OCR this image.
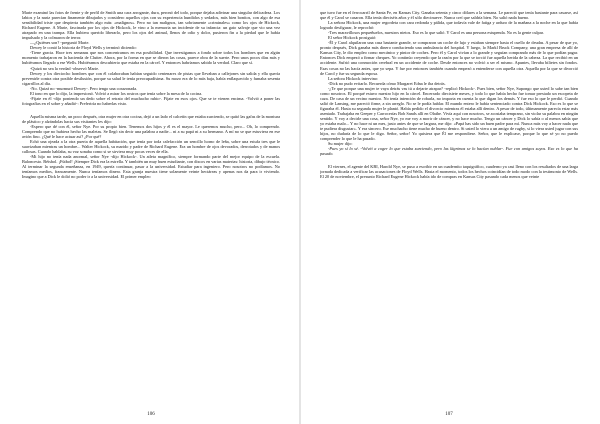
Marie examinó las fotos de frente y de perfil de Smith una cara arrogante, dura, peronó del todo, porque dejaba adivinar una singular delicadeza. Los labios y la nariz parecían finamente dibujados y considero aquellos ojos con su experiencia hundidos y sedados, más bien bonitos, con algo de esa sensibilidad triste que despierta también algo más: «malignos». Pero no tan malignos, tan sobriamente «criminales» como los ojos de Hickock, Richard Eugene. A Marie, fascinada por los ojos de Hickock, le vino a la memoria un incidente de su infancia: un gato salvaje que vio una vez atrapado en una trampa. Ella hubiera querido liberarlo, pero los ojos del animal, llenos de odio y dolor, pusieron fin a la piedad que le había impulsado y la colmaron de terror.

—¿Quiénes son? -preguntó Marie.

Dewey le contó la historia de Floyd Wells y terminó diciendo:

-Tiene gracia. Hace tres semanas que nos concentramos en esa posibilidad. Que investigamos a fondo sobre todos los hombres que en algún momento trabajaron en la hacienda de Clutter. Ahora, por la forma en que se dieron las cosas, parece obra de la suerte. Pero unos pocos días más y hubiéramos llegado a ese Wells. Hubiéramos descubierto que estaba en la cárcel. Y entonces habríamos sabido la verdad. Claro que sí.

-Quizá no sea la verdad -observó Marie.

Dewey y los dieciocho hombres que con él colaboraban habían seguido centenares de pistas que llevaban a callejones sin salida y ella quería prevenirle contra otra posible desilusión, porque su salud le tenía preocupadísima. Su mozo era de lo más baja, había enflaquecido y fumaba sesenta cigarrillos al día.

-No. Quizá no -murmuró Dewey-. Pero tengo una corazonada.

El tono en que lo dijo, la impresionó. Volvió a mirar los rostros que tenía sobre la mesa de la cocina.

-Fíjate en él -dijo poniendo un dedo sobre el retrato del muchacho rubio-. Fíjate en esos ojos. Que se te vienen encima. -Volvió a poner las fotografías en el sobre y añadió-: Preferiría no haberlas visto.

Aquella misma tarde, un poco después, otra mujer en otra cocina, dejó a un lado el calcetín que estaba zurciendo, se quitó las gafas de la montura de plástico y alzándolas hacia sus visitantes les dijo:

-Espero que dé con él, señor Nye. Por su propio bien. Tenemos dos hijos y él es el mayor. Le queremos mucho, pero... Oh, lo comprendo. Comprendo que no hubiera hecho las maletas. Se llegó sin decir una palabra a nadie... ni a su papá ni a su hermano. A mí no se que estuviera en ese avión fino. ¿Qué le hace actuar así? ¿Por qué?

Echó una ojeada a la otra puerta de aquella habitación, que tenía por toda calefacción un sencillo horno de leña, sobre una estufa tres que le suavizaban mientras un hombre... Walter Hickock, su marido y padre de Richard Eugene. Era un hombre de ojos devorados, derrotados y de manos callosas. Cuando hablaba, su voz sonaba como si se sirviera muy pocas veces de ella.

-Mi hijo no tenía nada anormal, señor Nye -dijo Hickock-. Un atleta magnífico, siempre formando parte del mejor equipo de la escuela. Baloncesto. Béisbol. ¡Fútbol! ¡Siempre Dick era la estrella. Y también un muy buen estudiante, con discos en varias materias: historia, dibujo técnico. Al terminar la segunda enseñanza, en 1949, quería continuar, pasar a la universidad. Estudiar para ingeniero. Pero nosotros no podíamos. No teníamos medios, francamente. Nunca teníamos dinero. Esta granja nuestra tiene solamente veinte hectáreas y apenas nos da para ir viviendo. Imagino que a Dick le dolió no poder ir a la universidad. El primer empleo

que tuvo fue en el ferrocarril de Santa Fe, en Kansas City. Ganaba setenta y cinco dólares a la semana. Le pareció que tenía bastante para casarse, así que él y Carol se casaron. Ella tenía dieciséis años y él sólo diecinueve. Nunca creí que saldría bien. No salió nada bueno.

La señora Hickock, una mujer regordeta con cara redonda y pálida, que todavía vale de fatiga y arduro de la mañana a la noche en la que había logrado desfigurar, le reprochó:

-Tres maravillosos pequeñuelos, nuestros nietos. Eso es lo que salió. Y Carol es una persona estupenda. No es la gente culpar.

El señor Hickock prosiguió:

-Él y Carol alquilaron una casa bastante grande, se compraron un coche de lujo y estaban siempre hasta el cuello de deudas. A pesar de que yo, pronto después, Dick ganaba más dinero conduciendo una ambulancia del hospital. Y luego, lo Markl Bruck Company, una gran empresa de allí de Kansas City, le dio empleo como mecánico y pintor de coches. Pero él y Carol vivían a lo grande y seguían comprando más de lo que podían pagar. Entonces Dick empezó a firmar cheques. Yo continúo creyendo que la razón por la que se torció fue aquella herida de la cabeza. La que recibió en un accidente. Sufrió una conmoción cerebral en un accidente de coche. Desde entonces no volvió a ser el mismo. Apuntes, llevaba bilietes sin fondos. Esas cosas no las hacía antes, que yo sepa. Y fue por entonces también cuando empezó a entenderse con aquella otra. Aquella por la que se divorció de Carol y fue su segunda esposa.

La señora Hickock intervino:

-Dick no pudo evitarlo. Recuerda cómo Margaret Edna le iba detrás.

-¿Te que porque una mujer te vaya detrás vas tú a dejarte atrapar? -replicó Hickock-. Pues bien, señor Nye, Supongo que usted lo sabe tan bien como nosotros. El porqué estuvo nuestro hijo en la cárcel. Encerrado diecisiete meses, y todo lo que había hecho fue tomar prestado un escopeta de caza. De casa de un vecino nuestro. No tenía intención de robarla, no importa en cuenta lo que digan los demás. Y fue eso lo que le perdió. Cuando salió de Lansing, me pareció firme, a sin arreglo. No se le podía hablar. El mundo entero le había sentenciado contra Dick Hickock. Eso es lo que se figuraba él. Hasta su segunda mujer le plantó. Había pedido el divorcio mientras él estaba allí dentro. A pesar de todo, últimamente parecía estar más asentado. Trabajaba en Geeper y Carrocerías Bob Sands allí en Olathe. Vivía aquí con nosotros, se acostaba temprano, sin violar su palabra en ningún sentido. Y voy a decirle una cosa, señor Nye, yo me voy a morir de cáncer, y no hace mucho. Tengo un cáncer y Dick lo sabía o al menos sabía que yo estaba malo... Y no hace ni un mes, justo antes de que se largara, me dijo: «Papá has sido un buen padre para mí. Nunca más voy a hacer nada que te pudiera disgustar». Y era sincero. Ese muchacho tiene mucho de bueno dentro. Si usted lo viera a un amigo de rugby, si lo viera usted jugar con sus hijos, no dudaría de lo que le digo. Señor, señor! Yo quisiera que Él me respondiese. Señor, que le explicase, porque lo que sé yo no puedo comprender lo que le ha pasado.

Su mujer dijo:

-Pues yo sí lo sé. -Volvió a coger lo que estaba zurciendo, pero las lágrimas se lo hacían nublar-. Fue con amigos suyos. Eso es lo que ha pasado.

El viernes, el agente del KBI, Harold Nye, se puso a escribir en un cuadernito taquigráfico, cuaderno ya casi lleno con los resultados de una larga jornada dedicada a verificar las acusaciones de Floyd Wells. Hasta el momento, todos los hechos coincidían de todo modo con la testimonio de Wells. El 20 de noviembre, el presunto Richard Eugene Hickock había ido de compras en Kansas City pasando cada menos que veinte

106	107
